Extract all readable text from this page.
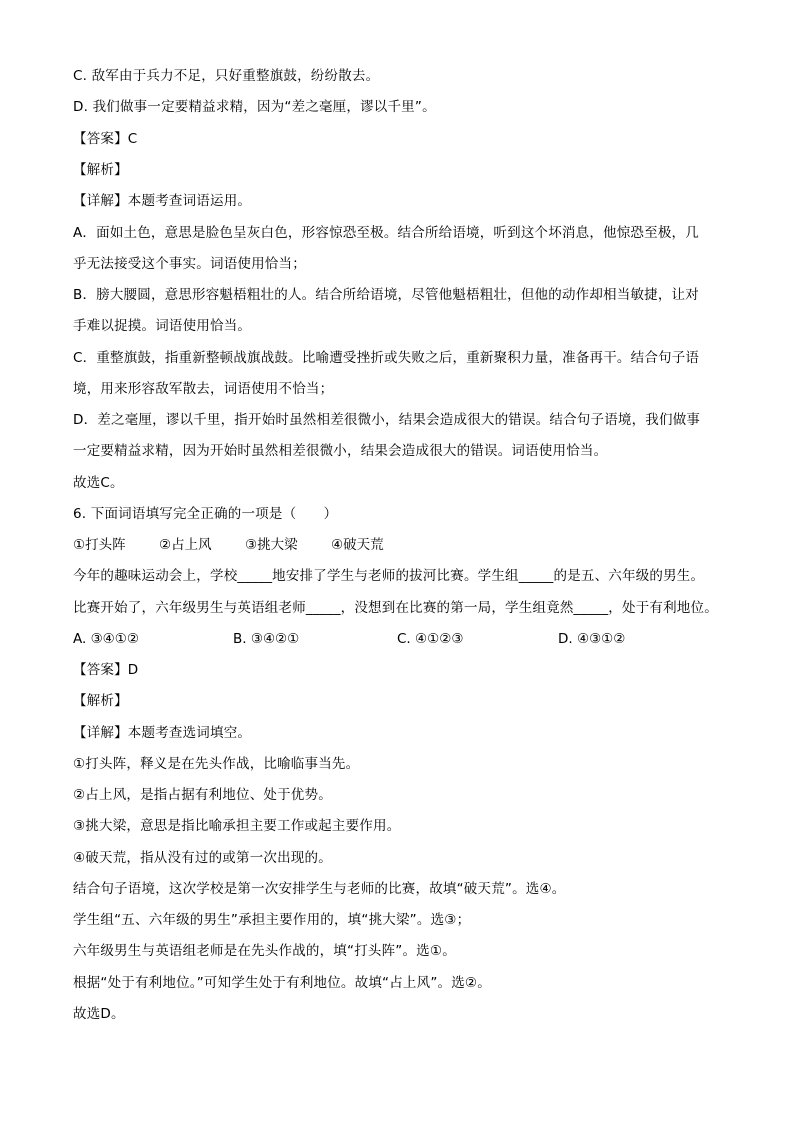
C. 敌军由于兵力不足，只好重整旗鼓，纷纷散去。
D. 我们做事一定要精益求精，因为“差之毫厘，谬以千里”。
【答案】C
【解析】
【详解】本题考查词语运用。
A．面如土色，意思是脸色呈灰白色，形容惊恐至极。结合所给语境，听到这个坏消息，他惊恐至极，几
乎无法接受这个事实。词语使用恰当；
B．膀大腰圆，意思形容魁梧粗壮的人。结合所给语境，尽管他魁梧粗壮，但他的动作却相当敏捷，让对
手难以捉摸。词语使用恰当。
C．重整旗鼓，指重新整顿战旗战鼓。比喻遭受挫折或失败之后，重新聚积力量，准备再干。结合句子语
境，用来形容敌军散去，词语使用不恰当；
D．差之毫厘，谬以千里，指开始时虽然相差很微小，结果会造成很大的错误。结合句子语境，我们做事
一定要精益求精，因为开始时虽然相差很微小，结果会造成很大的错误。词语使用恰当。
故选C。
6. 下面词语填写完全正确的一项是（　　）
①打头阵 ②占上风 ③挑大梁 ④破天荒
今年的趣味运动会上，学校_____地安排了学生与老师的拔河比赛。学生组_____的是五、六年级的男生。
比赛开始了，六年级男生与英语组老师_____，没想到在比赛的第一局，学生组竟然_____，处于有利地位。
A. ③④①②	B. ③④②①	C. ④①②③	D. ④③①②
【答案】D
【解析】
【详解】本题考查选词填空。
①打头阵，释义是在先头作战，比喻临事当先。
②占上风，是指占据有利地位、处于优势。
③挑大梁，意思是指比喻承担主要工作或起主要作用。
④破天荒，指从没有过的或第一次出现的。
结合句子语境，这次学校是第一次安排学生与老师的比赛，故填“破天荒”。选④。
学生组“五、六年级的男生”承担主要作用的，填“挑大梁”。选③；
六年级男生与英语组老师是在先头作战的，填“打头阵”。选①。
根据“处于有利地位。”可知学生处于有利地位。故填“占上风”。选②。
故选D。
